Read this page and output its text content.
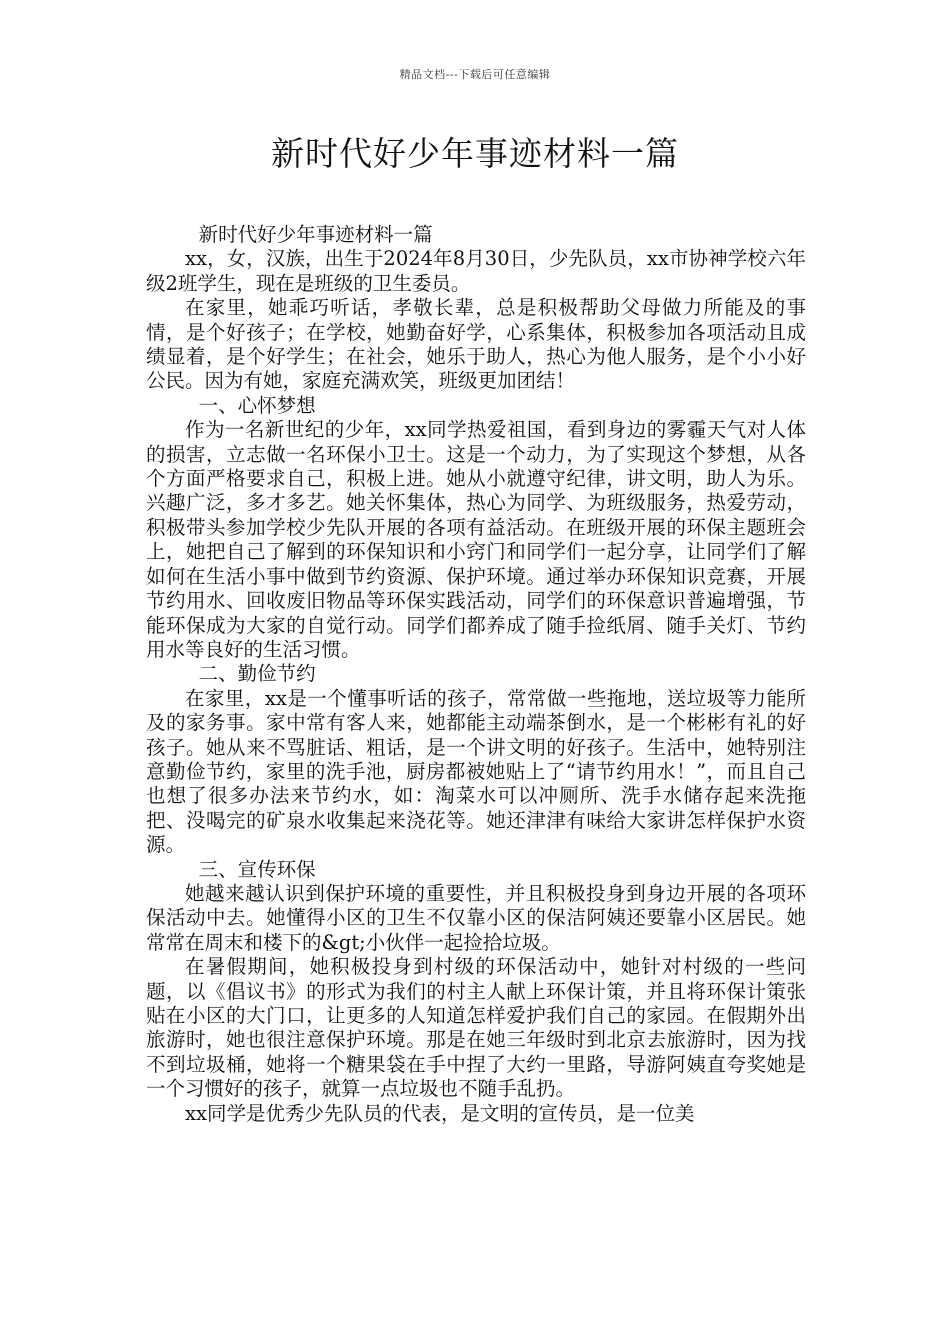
精品文档---下载后可任意编辑
新时代好少年事迹材料一篇
新时代好少年事迹材料一篇

xx，女，汉族，出生于2024年8月30日，少先队员，xx市协神学校六年级2班学生，现在是班级的卫生委员。

在家里，她乖巧听话，孝敬长辈，总是积极帮助父母做力所能及的事情，是个好孩子；在学校，她勤奋好学，心系集体，积极参加各项活动且成绩显着，是个好学生；在社会，她乐于助人，热心为他人服务，是个小小好公民。因为有她，家庭充满欢笑，班级更加团结！

一、心怀梦想

作为一名新世纪的少年，xx同学热爱祖国，看到身边的雾霾天气对人体的损害，立志做一名环保小卫士。这是一个动力，为了实现这个梦想，从各个方面严格要求自己，积极上进。她从小就遵守纪律，讲文明，助人为乐。兴趣广泛，多才多艺。她关怀集体，热心为同学、为班级服务，热爱劳动，积极带头参加学校少先队开展的各项有益活动。在班级开展的环保主题班会上，她把自己了解到的环保知识和小窍门和同学们一起分享，让同学们了解如何在生活小事中做到节约资源、保护环境。通过举办环保知识竞赛，开展节约用水、回收废旧物品等环保实践活动，同学们的环保意识普遍增强，节能环保成为大家的自觉行动。同学们都养成了随手捡纸屑、随手关灯、节约用水等良好的生活习惯。

二、勤俭节约

在家里，xx是一个懂事听话的孩子，常常做一些拖地，送垃圾等力能所及的家务事。家中常有客人来，她都能主动端茶倒水，是一个彬彬有礼的好孩子。她从来不骂脏话、粗话，是一个讲文明的好孩子。生活中，她特别注意勤俭节约，家里的洗手池，厨房都被她贴上了“请节约用水！”，而且自己也想了很多办法来节约水，如：淘菜水可以冲厕所、洗手水储存起来洗拖把、没喝完的矿泉水收集起来浇花等。她还津津有味给大家讲怎样保护水资源。

三、宣传环保

她越来越认识到保护环境的重要性，并且积极投身到身边开展的各项环保活动中去。她懂得小区的卫生不仅靠小区的保洁阿姨还要靠小区居民。她常常在周末和楼下的&gt;小伙伴一起捡拾垃圾。

在暑假期间，她积极投身到村级的环保活动中，她针对村级的一些问题，以《倡议书》的形式为我们的村主人献上环保计策，并且将环保计策张贴在小区的大门口，让更多的人知道怎样爱护我们自己的家园。在假期外出旅游时，她也很注意保护环境。那是在她三年级时到北京去旅游时，因为找不到垃圾桶，她将一个糖果袋在手中捏了大约一里路，导游阿姨直夸奖她是一个习惯好的孩子，就算一点垃圾也不随手乱扔。

xx同学是优秀少先队员的代表，是文明的宣传员，是一位美
